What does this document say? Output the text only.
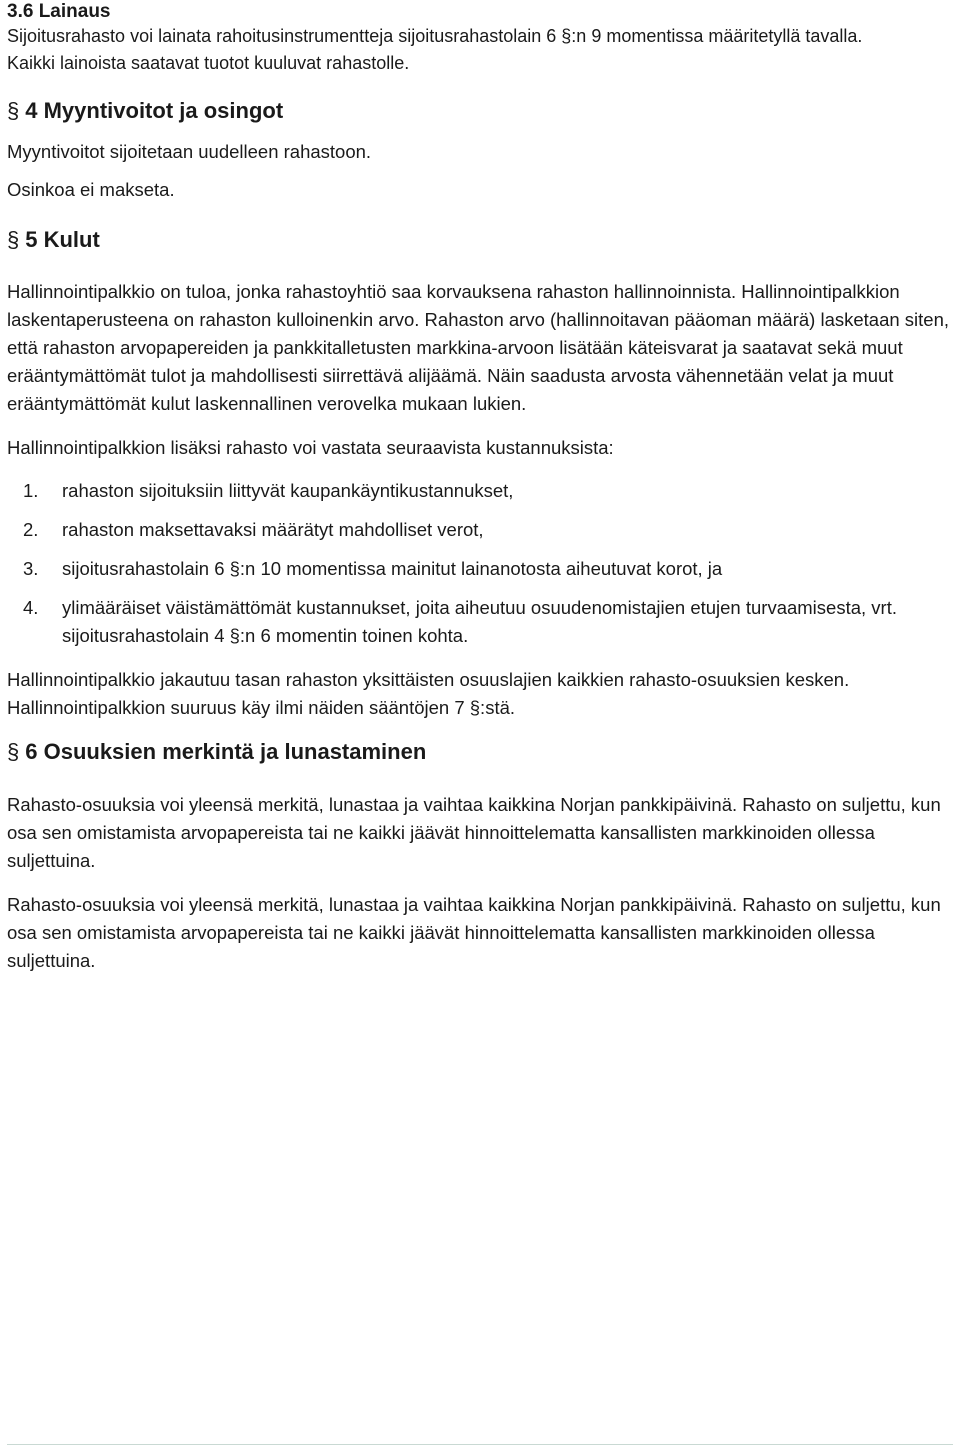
3.6 Lainaus

Sijoitusrahasto voi lainata rahoitusinstrumentteja sijoitusrahastolain 6 §:n 9 momentissa määritetyllä tavalla.
Kaikki lainoista saatavat tuotot kuuluvat rahastolle.

§ 4 Myyntivoitot ja osingot

Myyntivoitot sijoitetaan uudelleen rahastoon.

Osinkoa ei makseta.

§ 5 Kulut

Hallinnointipalkkio on tuloa, jonka rahastoyhtiö saa korvauksena rahaston hallinnoinnista. Hallinnointipalkkion laskentaperusteena on rahaston kulloinenkin arvo. Rahaston arvo (hallinnoitavan pääoman määrä) lasketaan siten, että rahaston arvopapereiden ja pankkitalletusten markkina-arvoon lisätään käteisvarat ja saatavat sekä muut erääntymättömät tulot ja mahdollisesti siirrettävä alijäämä. Näin saadusta arvosta vähennetään velat ja muut erääntymättömät kulut laskennallinen verovelka mukaan lukien.

Hallinnointipalkkion lisäksi rahasto voi vastata seuraavista kustannuksista:

1.	rahaston sijoituksiin liittyvät kaupankäyntikustannukset,
2.	rahaston maksettavaksi määrätyt mahdolliset verot,
3.	sijoitusrahastolain 6 §:n 10 momentissa mainitut lainanotosta aiheutuvat korot, ja
4.	ylimääräiset väistämättömät kustannukset, joita aiheutuu osuudenomistajien etujen turvaamisesta, vrt. sijoitusrahastolain 4 §:n 6 momentin toinen kohta.

Hallinnointipalkkio jakautuu tasan rahaston yksittäisten osuuslajien kaikkien rahasto-osuuksien kesken. Hallinnointipalkkion suuruus käy ilmi näiden sääntöjen 7 §:stä.

§ 6 Osuuksien merkintä ja lunastaminen

Rahasto-osuuksia voi yleensä merkitä, lunastaa ja vaihtaa kaikkina Norjan pankkipäivinä. Rahasto on suljettu, kun osa sen omistamista arvopapereista tai ne kaikki jäävät hinnoittelematta kansallisten markkinoiden ollessa suljettuina.

Rahasto-osuuksia voi yleensä merkitä, lunastaa ja vaihtaa kaikkina Norjan pankkipäivinä. Rahasto on suljettu, kun osa sen omistamista arvopapereista tai ne kaikki jäävät hinnoittelematta kansallisten markkinoiden ollessa suljettuina.
